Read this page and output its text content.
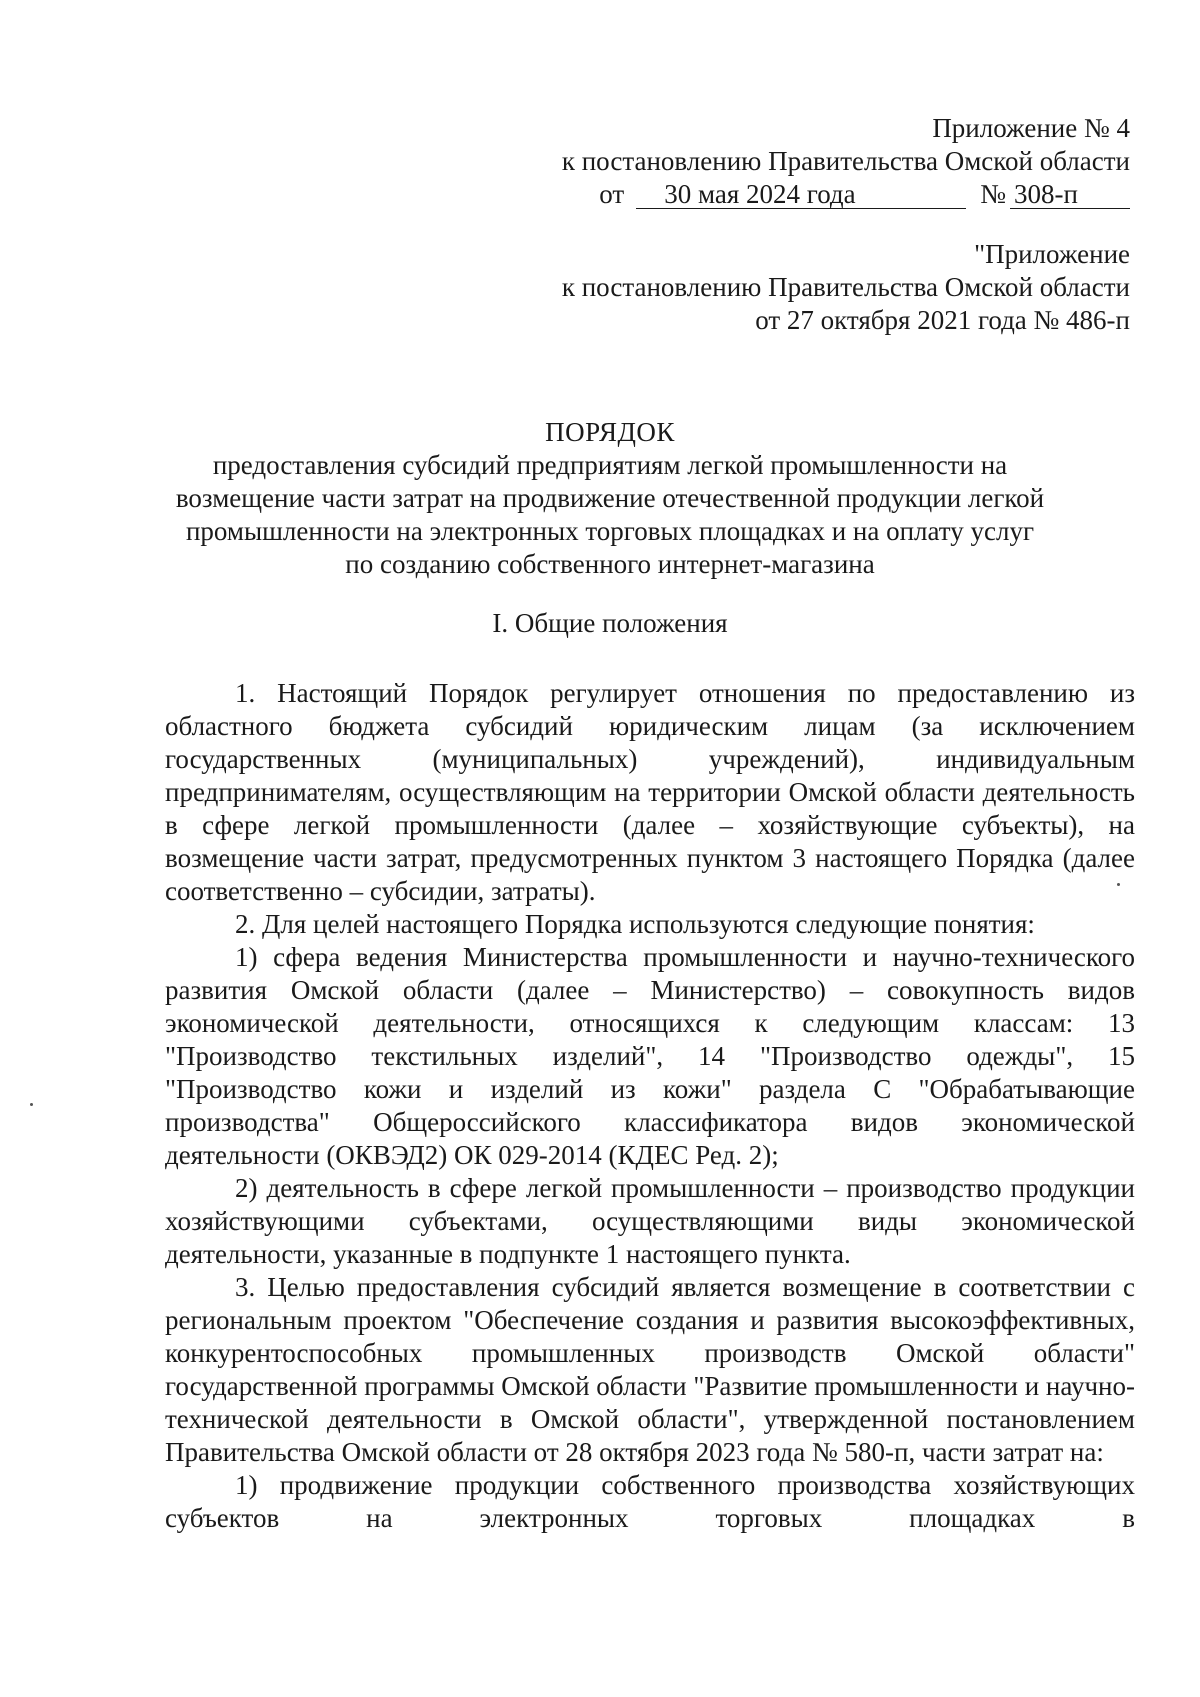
Приложение № 4
к постановлению Правительства Омской области
от	30 мая 2024 года	№ 308-п
"Приложение
к постановлению Правительства Омской области
от 27 октября 2021 года № 486-п
ПОРЯДОК
предоставления субсидий предприятиям легкой промышленности на возмещение части затрат на продвижение отечественной продукции легкой промышленности на электронных торговых площадках и на оплату услуг по созданию собственного интернет-магазина
I. Общие положения

1. Настоящий Порядок регулирует отношения по предоставлению из областного бюджета субсидий юридическим лицам (за исключением государственных (муниципальных) учреждений), индивидуальным предпринимателям, осуществляющим на территории Омской области деятельность в сфере легкой промышленности (далее – хозяйствующие субъекты), на возмещение части затрат, предусмотренных пунктом 3 настоящего Порядка (далее соответственно – субсидии, затраты).

2. Для целей настоящего Порядка используются следующие понятия:

1) сфера ведения Министерства промышленности и научно-технического развития Омской области (далее – Министерство) – совокупность видов экономической деятельности, относящихся к следующим классам: 13 "Производство текстильных изделий", 14 "Производство одежды", 15 "Производство кожи и изделий из кожи" раздела C "Обрабатывающие производства" Общероссийского классификатора видов экономической деятельности (ОКВЭД2) ОК 029-2014 (КДЕС Ред. 2);

2) деятельность в сфере легкой промышленности – производство продукции хозяйствующими субъектами, осуществляющими виды экономической деятельности, указанные в подпункте 1 настоящего пункта.

3. Целью предоставления субсидий является возмещение в соответствии с региональным проектом "Обеспечение создания и развития высокоэффективных, конкурентоспособных промышленных производств Омской области" государственной программы Омской области "Развитие промышленности и научно-технической деятельности в Омской области", утвержденной постановлением Правительства Омской области от 28 октября 2023 года № 580-п, части затрат на:

1) продвижение продукции собственного производства хозяйствующих субъектов на электронных торговых площадках в
